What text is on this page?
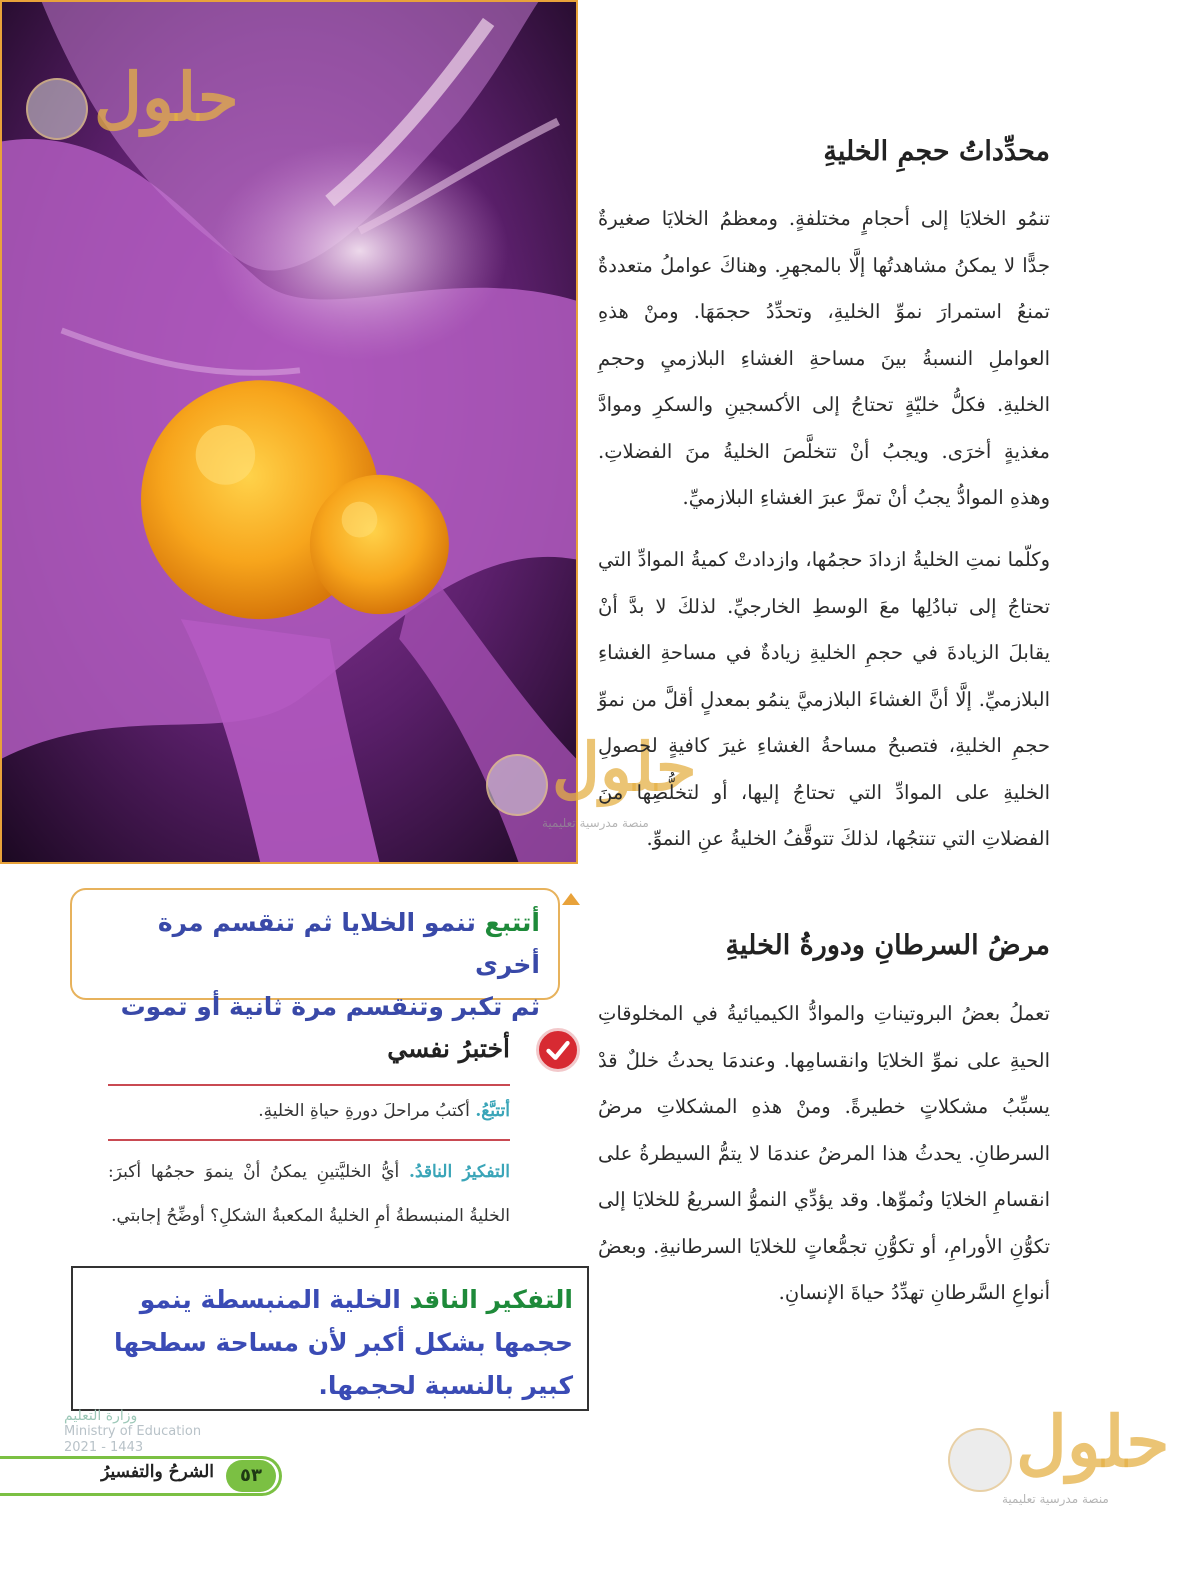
حلول
حلول
منصة مدرسية تعليمية
حلول
منصة مدرسية تعليمية
محدِّداتُ حجمِ الخليةِ
تنمُو الخلايَا إلى أحجامٍ مختلفةٍ. ومعظمُ الخلايَا صغيرةٌ جدًّا لا يمكنُ مشاهدتُها إلَّا بالمجهرِ. وهناكَ عواملُ متعددةٌ تمنعُ استمرارَ نموِّ الخليةِ، وتحدِّدُ حجمَهَا. ومنْ هذهِ العواملِ النسبةُ بينَ مساحةِ الغشاءِ البلازميِ وحجمِ الخليةِ. فكلُّ خليّةٍ تحتاجُ إلى الأكسجينِ والسكرِ وموادَّ مغذيةٍ أخرَى. ويجبُ أنْ تتخلَّصَ الخليةُ منَ الفضلاتِ. وهذهِ الموادُّ يجبُ أنْ تمرَّ عبرَ الغشاءِ البلازميِّ.
وكلّما نمتِ الخليةُ ازدادَ حجمُها، وازدادتْ كميةُ الموادِّ التي تحتاجُ إلى تبادُلِها معَ الوسطِ الخارجيِّ. لذلكَ لا بدَّ أنْ يقابلَ الزيادةَ في حجمِ الخليةِ زيادةٌ في مساحةِ الغشاءِ البلازميِّ. إلَّا أنَّ الغشاءَ البلازميَّ ينمُو بمعدلٍ أقلَّ من نموِّ حجمِ الخليةِ، فتصبحُ مساحةُ الغشاءِ غيرَ كافيةٍ لحصولِ الخليةِ على الموادِّ التي تحتاجُ إليها، أو لتخلُّصِها منَ الفضلاتِ التي تنتجُها، لذلكَ تتوقَّفُ الخليةُ عنِ النموِّ.
مرضُ السرطانِ ودورةُ الخليةِ
تعملُ بعضُ البروتيناتِ والموادُّ الكيميائيةُ في المخلوقاتِ الحيةِ على نموِّ الخلايَا وانقسامِها. وعندمَا يحدثُ خللٌ قدْ يسبِّبُ مشكلاتٍ خطيرةً. ومنْ هذهِ المشكلاتِ مرضُ السرطانِ. يحدثُ هذا المرضُ عندمَا لا يتمُّ السيطرةُ على انقسامِ الخلايَا ونُموِّها. وقد يؤدِّي النموُّ السريعُ للخلايَا إلى تكوُّنِ الأورامِ، أو تكوُّنِ تجمُّعاتٍ للخلايَا السرطانيةِ. وبعضُ أنواعِ السَّرطانِ تهدِّدُ حياةَ الإنسانِ.
أتتبع تنمو الخلايا ثم تنقسم مرة أخرى
ثم تكبر وتنقسم مرة ثانية أو تموت
أختبرُ نفسي
أتتبَّعُ. أكتبُ مراحلَ دورةِ حياةِ الخليةِ.
التفكيرُ الناقدُ. أيُّ الخليَّتينِ يمكنُ أنْ ينموَ حجمُها أكبرَ: الخليةُ المنبسطةُ أمِ الخليةُ المكعبةُ الشكلِ؟ أوضِّحُ إجابتي.
التفكير الناقد الخلية المنبسطة ينمو حجمها بشكل أكبر لأن مساحة سطحها كبير بالنسبة لحجمها.
وزارة التعليم
Ministry of Education
2021 - 1443
الشرحُ والتفسيرُ	٥٣
